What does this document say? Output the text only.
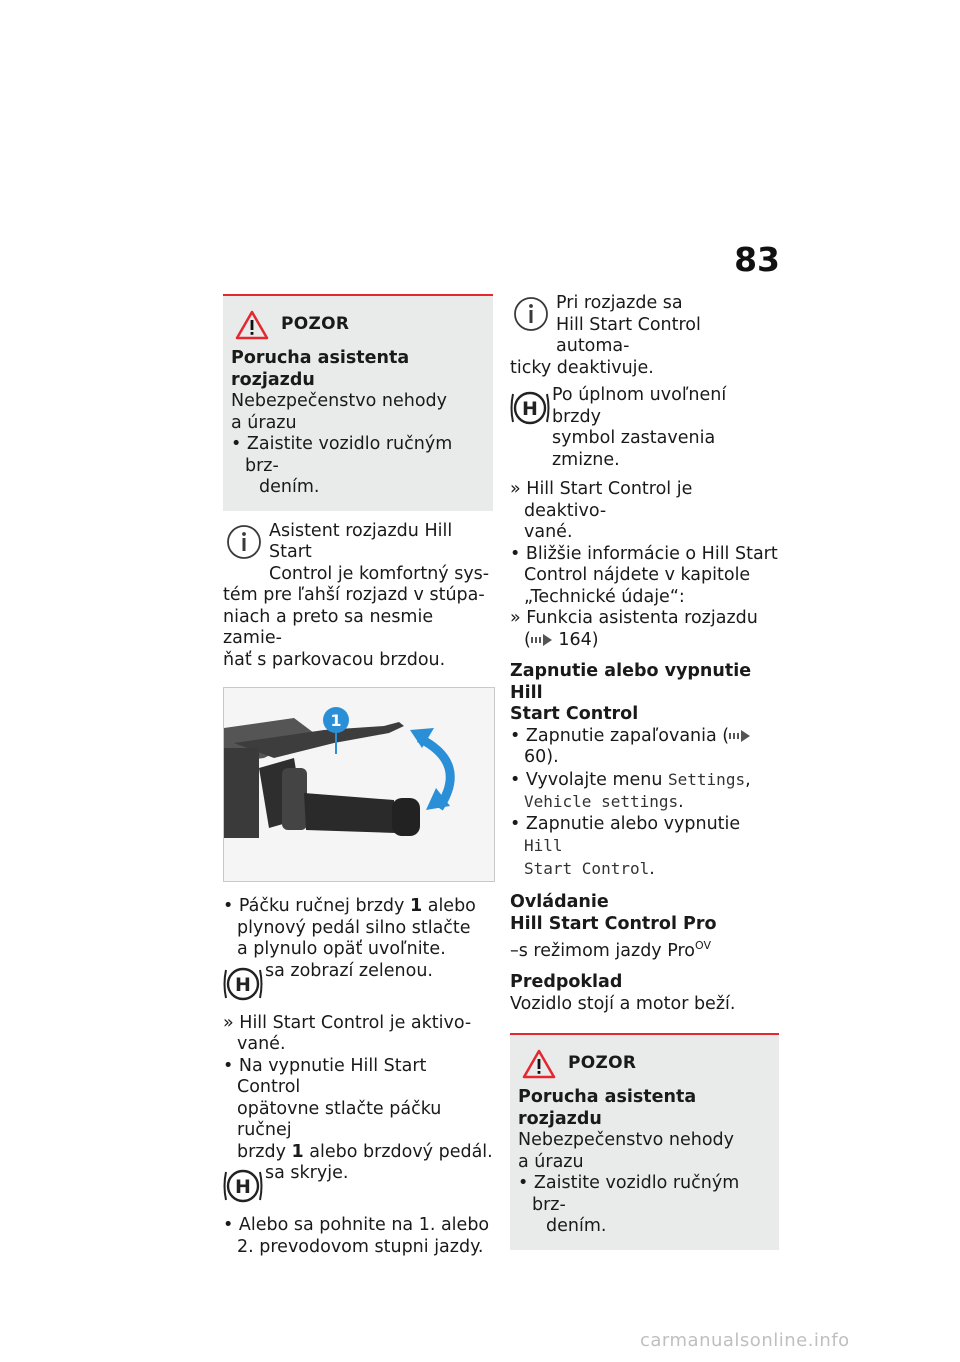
83
POZOR

Porucha asistenta rozjazdu

Nebezpečenstvo nehody

a úrazu

• Zaistite vozidlo ručným brz-
dením.

Asistent rozjazdu Hill Start

Control je komfortný sys-

tém pre ľahší rozjazd v stúpa-

niach a preto sa nesmie zamie-

ňať s parkovacou brzdou.

1

• Páčku ručnej brzdy 1 alebo

plynový pedál silno stlačte

a plynulo opäť uvoľnite.

H
sa zobrazí zelenou.

» Hill Start Control je aktivo-

vané.

• Na vypnutie Hill Start Control

opätovne stlačte páčku ručnej

brzdy 1 alebo brzdový pedál.

H
sa skryje.

• Alebo sa pohnite na 1. alebo

2. prevodovom stupni jazdy.

Pri rozjazde sa

Hill Start Control automa-

ticky deaktivuje.

H
Po úplnom uvoľnení brzdy
symbol zastavenia zmizne.

» Hill Start Control je deaktivo-

vané.

• Bližšie informácie o Hill Start

Control nájdete v kapitole

„Technické údaje“:

» Funkcia asistenta rozjazdu

( 164)

Zapnutie alebo vypnutie Hill

Start Control

• Zapnutie zapaľovania (60).

• Vyvolajte menu Settings,

Vehicle settings.

• Zapnutie alebo vypnutie Hill

Start Control.

Ovládanie

Hill Start Control Pro

–s režimom jazdy Pro$^{OV}$

Predpoklad

Vozidlo stojí a motor beží.

POZOR

Porucha asistenta rozjazdu

Nebezpečenstvo nehody

a úrazu

• Zaistite vozidlo ručným brz-
dením.

carmanualsonline.info
